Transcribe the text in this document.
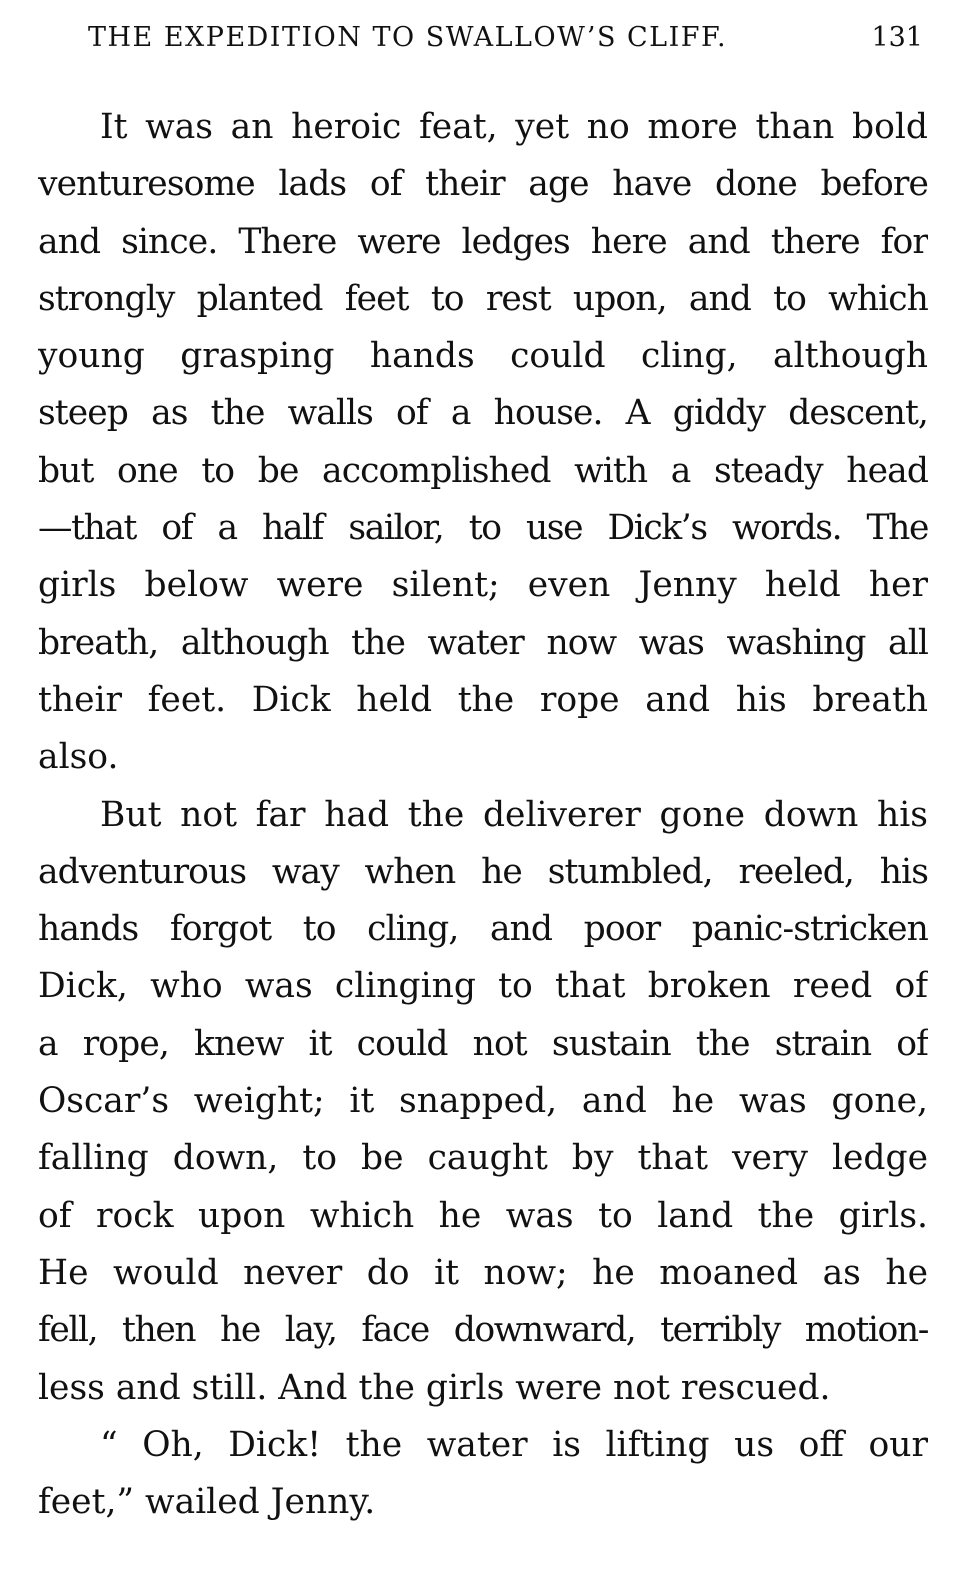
THE EXPEDITION TO SWALLOW’S CLIFF.	131
It was an heroic feat, yet no more than bold
venturesome lads of their age have done before
and since. There were ledges here and there for
strongly planted feet to rest upon, and to which
young grasping hands could cling, although
steep as the walls of a house. A giddy descent,
but one to be accomplished with a steady head
—that of a half sailor, to use Dick’s words. The
girls below were silent; even Jenny held her
breath, although the water now was washing all
their feet. Dick held the rope and his breath
also.
But not far had the deliverer gone down his
adventurous way when he stumbled, reeled, his
hands forgot to cling, and poor panic-stricken
Dick, who was clinging to that broken reed of
a rope, knew it could not sustain the strain of
Oscar’s weight; it snapped, and he was gone,
falling down, to be caught by that very ledge
of rock upon which he was to land the girls.
He would never do it now; he moaned as he
fell, then he lay, face downward, terribly motion-
less and still. And the girls were not rescued.
“ Oh, Dick! the water is lifting us off our
feet,” wailed Jenny.
